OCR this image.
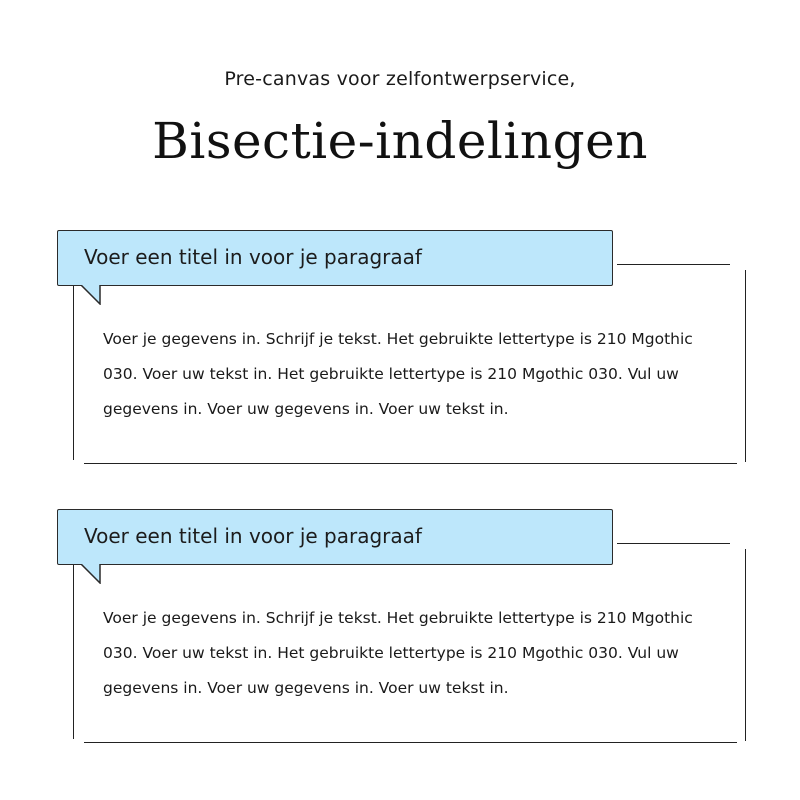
Pre-canvas voor zelfontwerpservice,
Bisectie-indelingen
Voer een titel in voor je paragraaf
Voer je gegevens in. Schrijf je tekst. Het gebruikte lettertype is 210 Mgothic 030. Voer uw tekst in. Het gebruikte lettertype is 210 Mgothic 030. Vul uw gegevens in. Voer uw gegevens in. Voer uw tekst in.
Voer een titel in voor je paragraaf
Voer je gegevens in. Schrijf je tekst. Het gebruikte lettertype is 210 Mgothic 030. Voer uw tekst in. Het gebruikte lettertype is 210 Mgothic 030. Vul uw gegevens in. Voer uw gegevens in. Voer uw tekst in.
